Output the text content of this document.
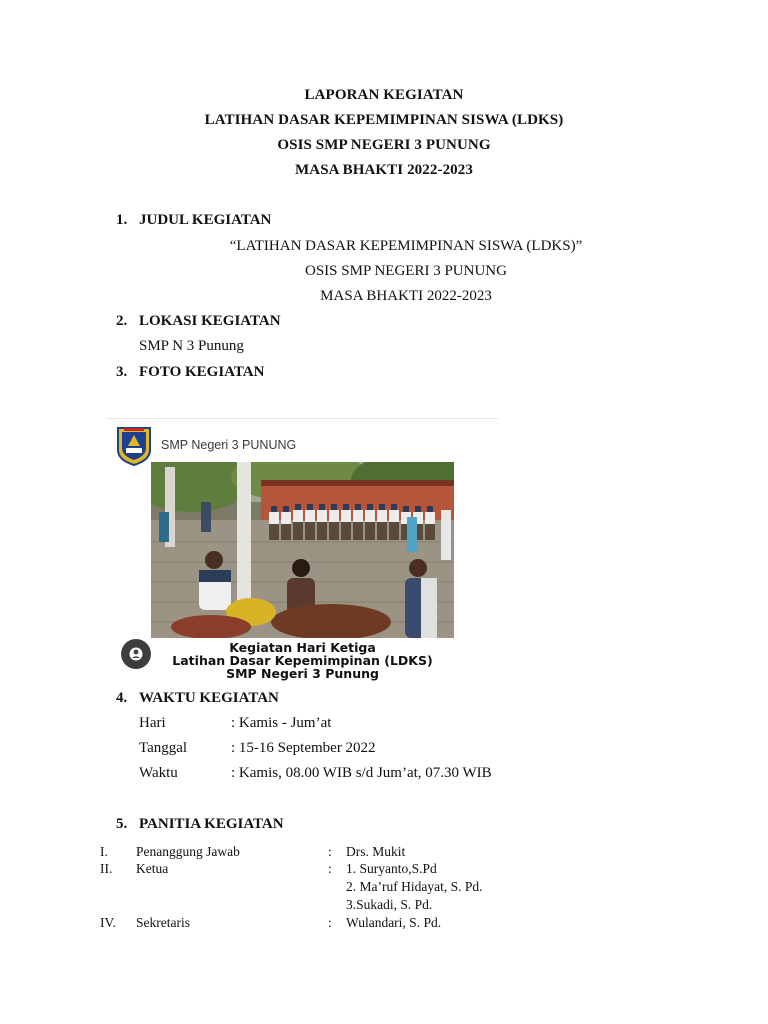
LAPORAN KEGIATAN
LATIHAN DASAR KEPEMIMPINAN SISWA (LDKS)
OSIS SMP NEGERI 3 PUNUNG
MASA BHAKTI 2022-2023
1. JUDUL KEGIATAN
“LATIHAN DASAR KEPEMIMPINAN SISWA (LDKS)”
OSIS SMP NEGERI 3 PUNUNG
MASA BHAKTI 2022-2023
2. LOKASI KEGIATAN
SMP N 3 Punung
3. FOTO KEGIATAN
SMP Negeri 3 PUNUNG
Kegiatan Hari Ketiga
Latihan Dasar Kepemimpinan (LDKS)
SMP Negeri 3 Punung
4. WAKTU KEGIATAN
Hari	: Kamis - Jum’at
Tanggal	: 15-16 September 2022
Waktu	: Kamis, 08.00 WIB s/d Jum’at, 07.30 WIB
5. PANITIA KEGIATAN
I. Penanggung Jawab	: Drs. Mukit
II. Ketua	: 1. Suryanto,S.Pd
2. Ma’ruf Hidayat, S. Pd.
3.Sukadi, S. Pd.
IV. Sekretaris	: Wulandari, S. Pd.
